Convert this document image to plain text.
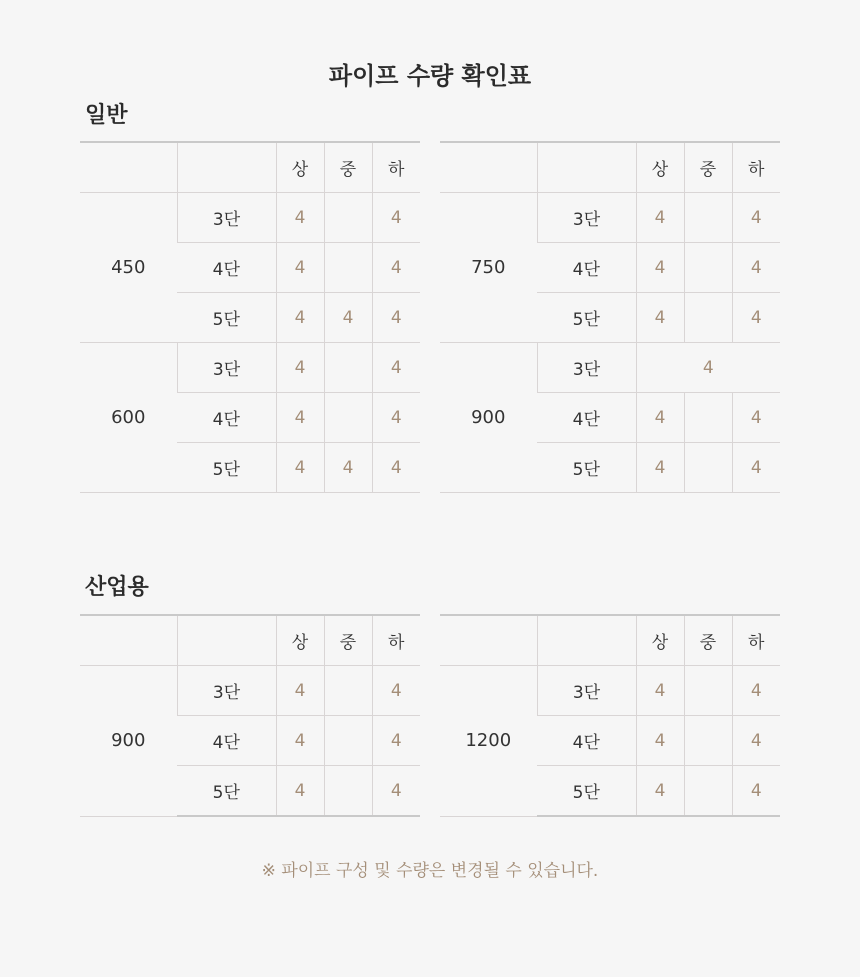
파이프 수량 확인표
일반
		상	중	하
450	3단	4		4
	4단	4		4
	5단	4	4	4
600	3단	4		4
	4단	4		4
	5단	4	4	4
		상	중	하
750	3단	4		4
	4단	4		4
	5단	4		4
900	3단	4		
	4단	4		4
	5단	4		4
산업용
		상	중	하
900	3단	4		4
	4단	4		4
	5단	4		4
		상	중	하
1200	3단	4		4
	4단	4		4
	5단	4		4
※ 파이프 구성 및 수량은 변경될 수 있습니다.
